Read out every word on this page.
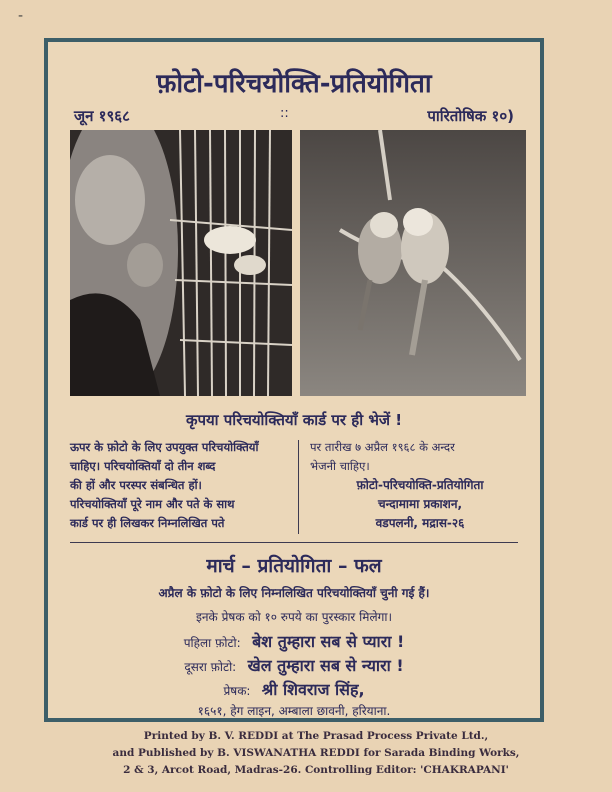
-
फ़ोटो-परिचयोक्ति-प्रतियोगिता
जून १९६८	::	पारितोषिक १०)
कृपया परिचयोक्तियाँ कार्ड पर ही भेजें !
ऊपर के फ़ोटो के लिए उपयुक्त परिचयोक्तियाँ
चाहिए। परिचयोक्तियाँ दो तीन शब्द
की हों और परस्पर संबन्धित हों।
परिचयोक्तियाँ पूरे नाम और पते के साथ
कार्ड पर ही लिखकर निम्नलिखित पते
पर तारीख ७ अप्रैल १९६८ के अन्दर
भेजनी चाहिए।
फ़ोटो-परिचयोक्ति-प्रतियोगिता
चन्दामामा प्रकाशन,
वडपलनी, मद्रास-२६
मार्च – प्रतियोगिता – फल
अप्रैल के फ़ोटो के लिए निम्नलिखित परिचयोक्तियाँ चुनी गई हैं।
इनके प्रेषक को १० रुपये का पुरस्कार मिलेगा।
पहिला फ़ोटो: बेश तुम्हारा सब से प्यारा !
दूसरा फ़ोटो: खेल तुम्हारा सब से न्यारा !
प्रेषक: श्री शिवराज सिंह,
१६५१, हेग लाइन, अम्बाला छावनी, हरियाना.
Printed by B. V. REDDI at The Prasad Process Private Ltd.,
and Published by B. VISWANATHA REDDI for Sarada Binding Works,
2 & 3, Arcot Road, Madras-26. Controlling Editor: 'CHAKRAPANI'
